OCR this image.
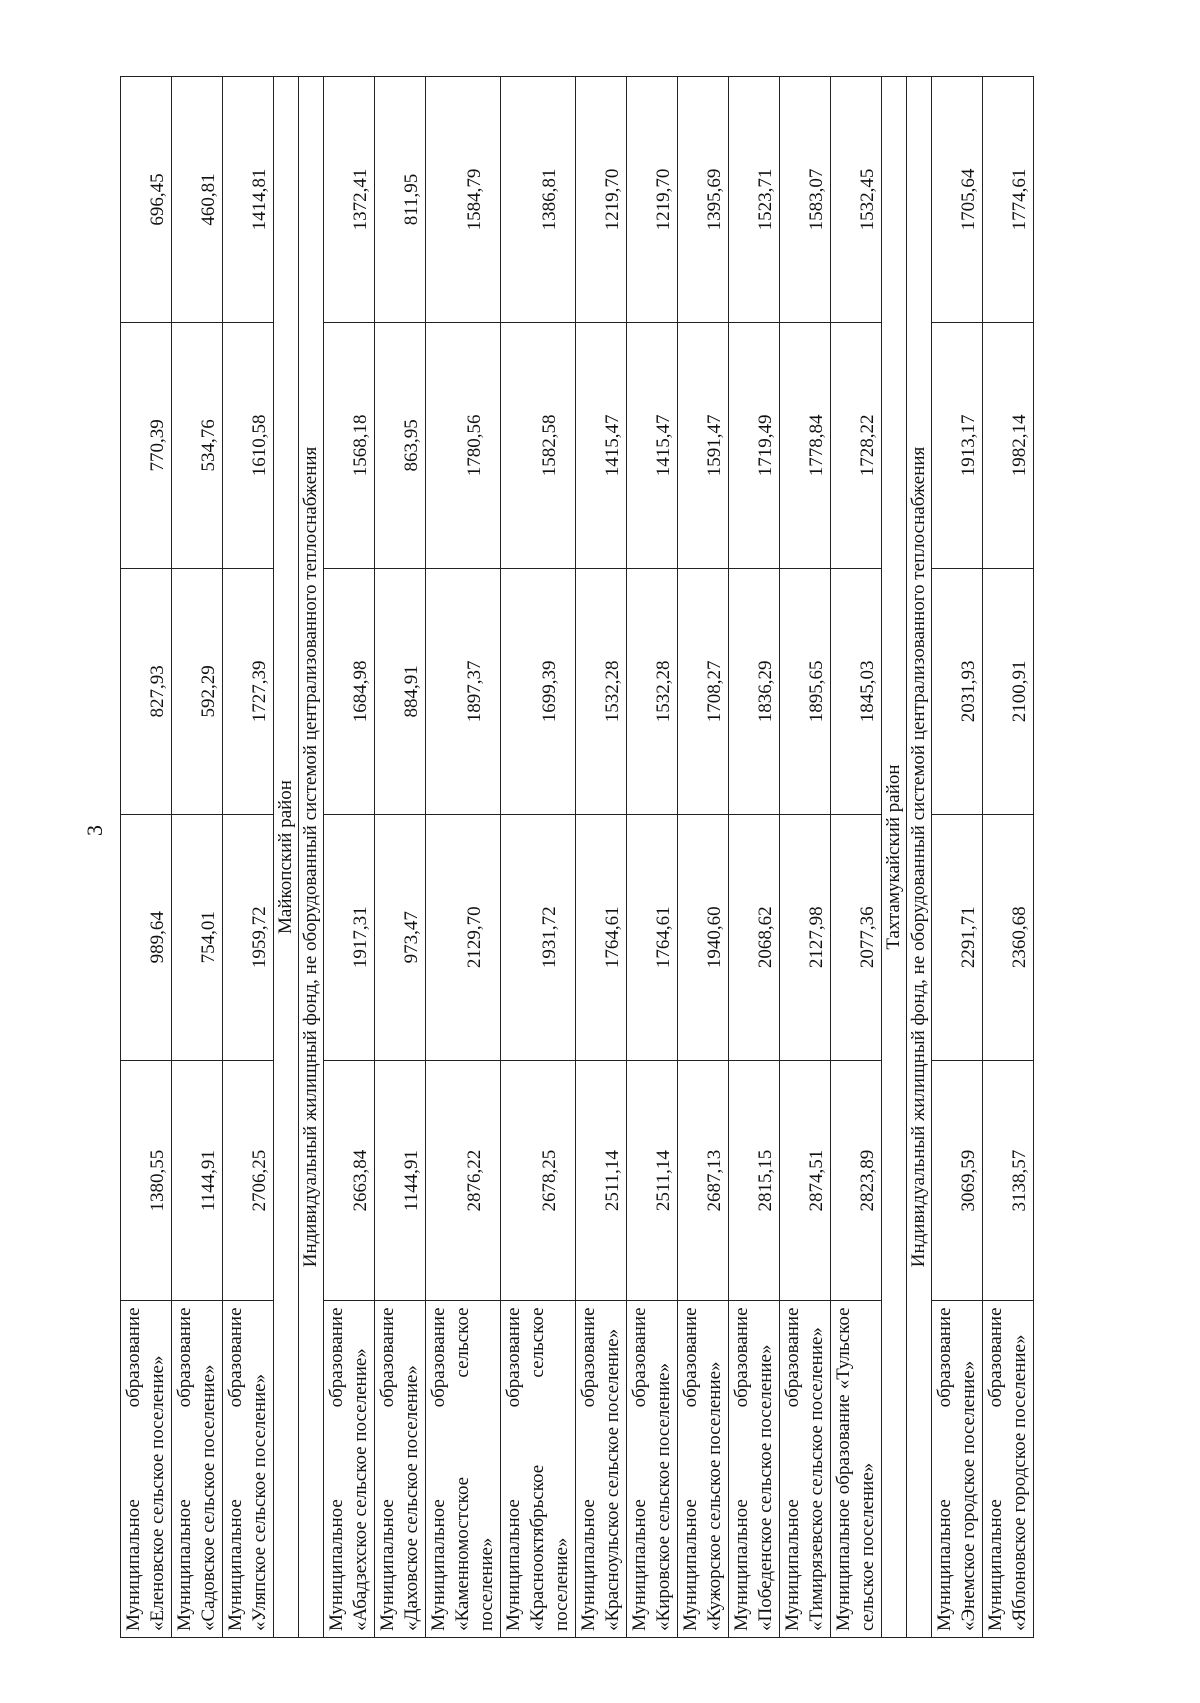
3
Муниципальное образование «Еленовское сельское поселение»	1380,55	989,64	827,93	770,39	696,45
Муниципальное образование «Садовское сельское поселение»	1144,91	754,01	592,29	534,76	460,81
Муниципальное образование «Уляпское сельское поселение»	2706,25	1959,72	1727,39	1610,58	1414,81
Майкопский район					
Индивидуальный жилищный фонд, не оборудованный системой централизованного теплоснабжения					
Муниципальное образование «Абадзехское сельское поселение»	2663,84	1917,31	1684,98	1568,18	1372,41
Муниципальное образование «Даховское сельское поселение»	1144,91	973,47	884,91	863,95	811,95
Муниципальное образование «Каменномостское сельское поселение»	2876,22	2129,70	1897,37	1780,56	1584,79
Муниципальное образование «Краснооктябрьское сельское поселение»	2678,25	1931,72	1699,39	1582,58	1386,81
Муниципальное образование «Красноульское сельское поселение»	2511,14	1764,61	1532,28	1415,47	1219,70
Муниципальное образование «Кировское сельское поселение»	2511,14	1764,61	1532,28	1415,47	1219,70
Муниципальное образование «Кужорское сельское поселение»	2687,13	1940,60	1708,27	1591,47	1395,69
Муниципальное образование «Победенское сельское поселение»	2815,15	2068,62	1836,29	1719,49	1523,71
Муниципальное образование «Тимирязевское сельское поселение»	2874,51	2127,98	1895,65	1778,84	1583,07
Муниципальное образование «Тульское сельское поселение»	2823,89	2077,36	1845,03	1728,22	1532,45
Тахтамукайский район					
Индивидуальный жилищный фонд, не оборудованный системой централизованного теплоснабжения					
Муниципальное образование «Энемское городское поселение»	3069,59	2291,71	2031,93	1913,17	1705,64
Муниципальное образование «Яблоновское городское поселение»	3138,57	2360,68	2100,91	1982,14	1774,61
